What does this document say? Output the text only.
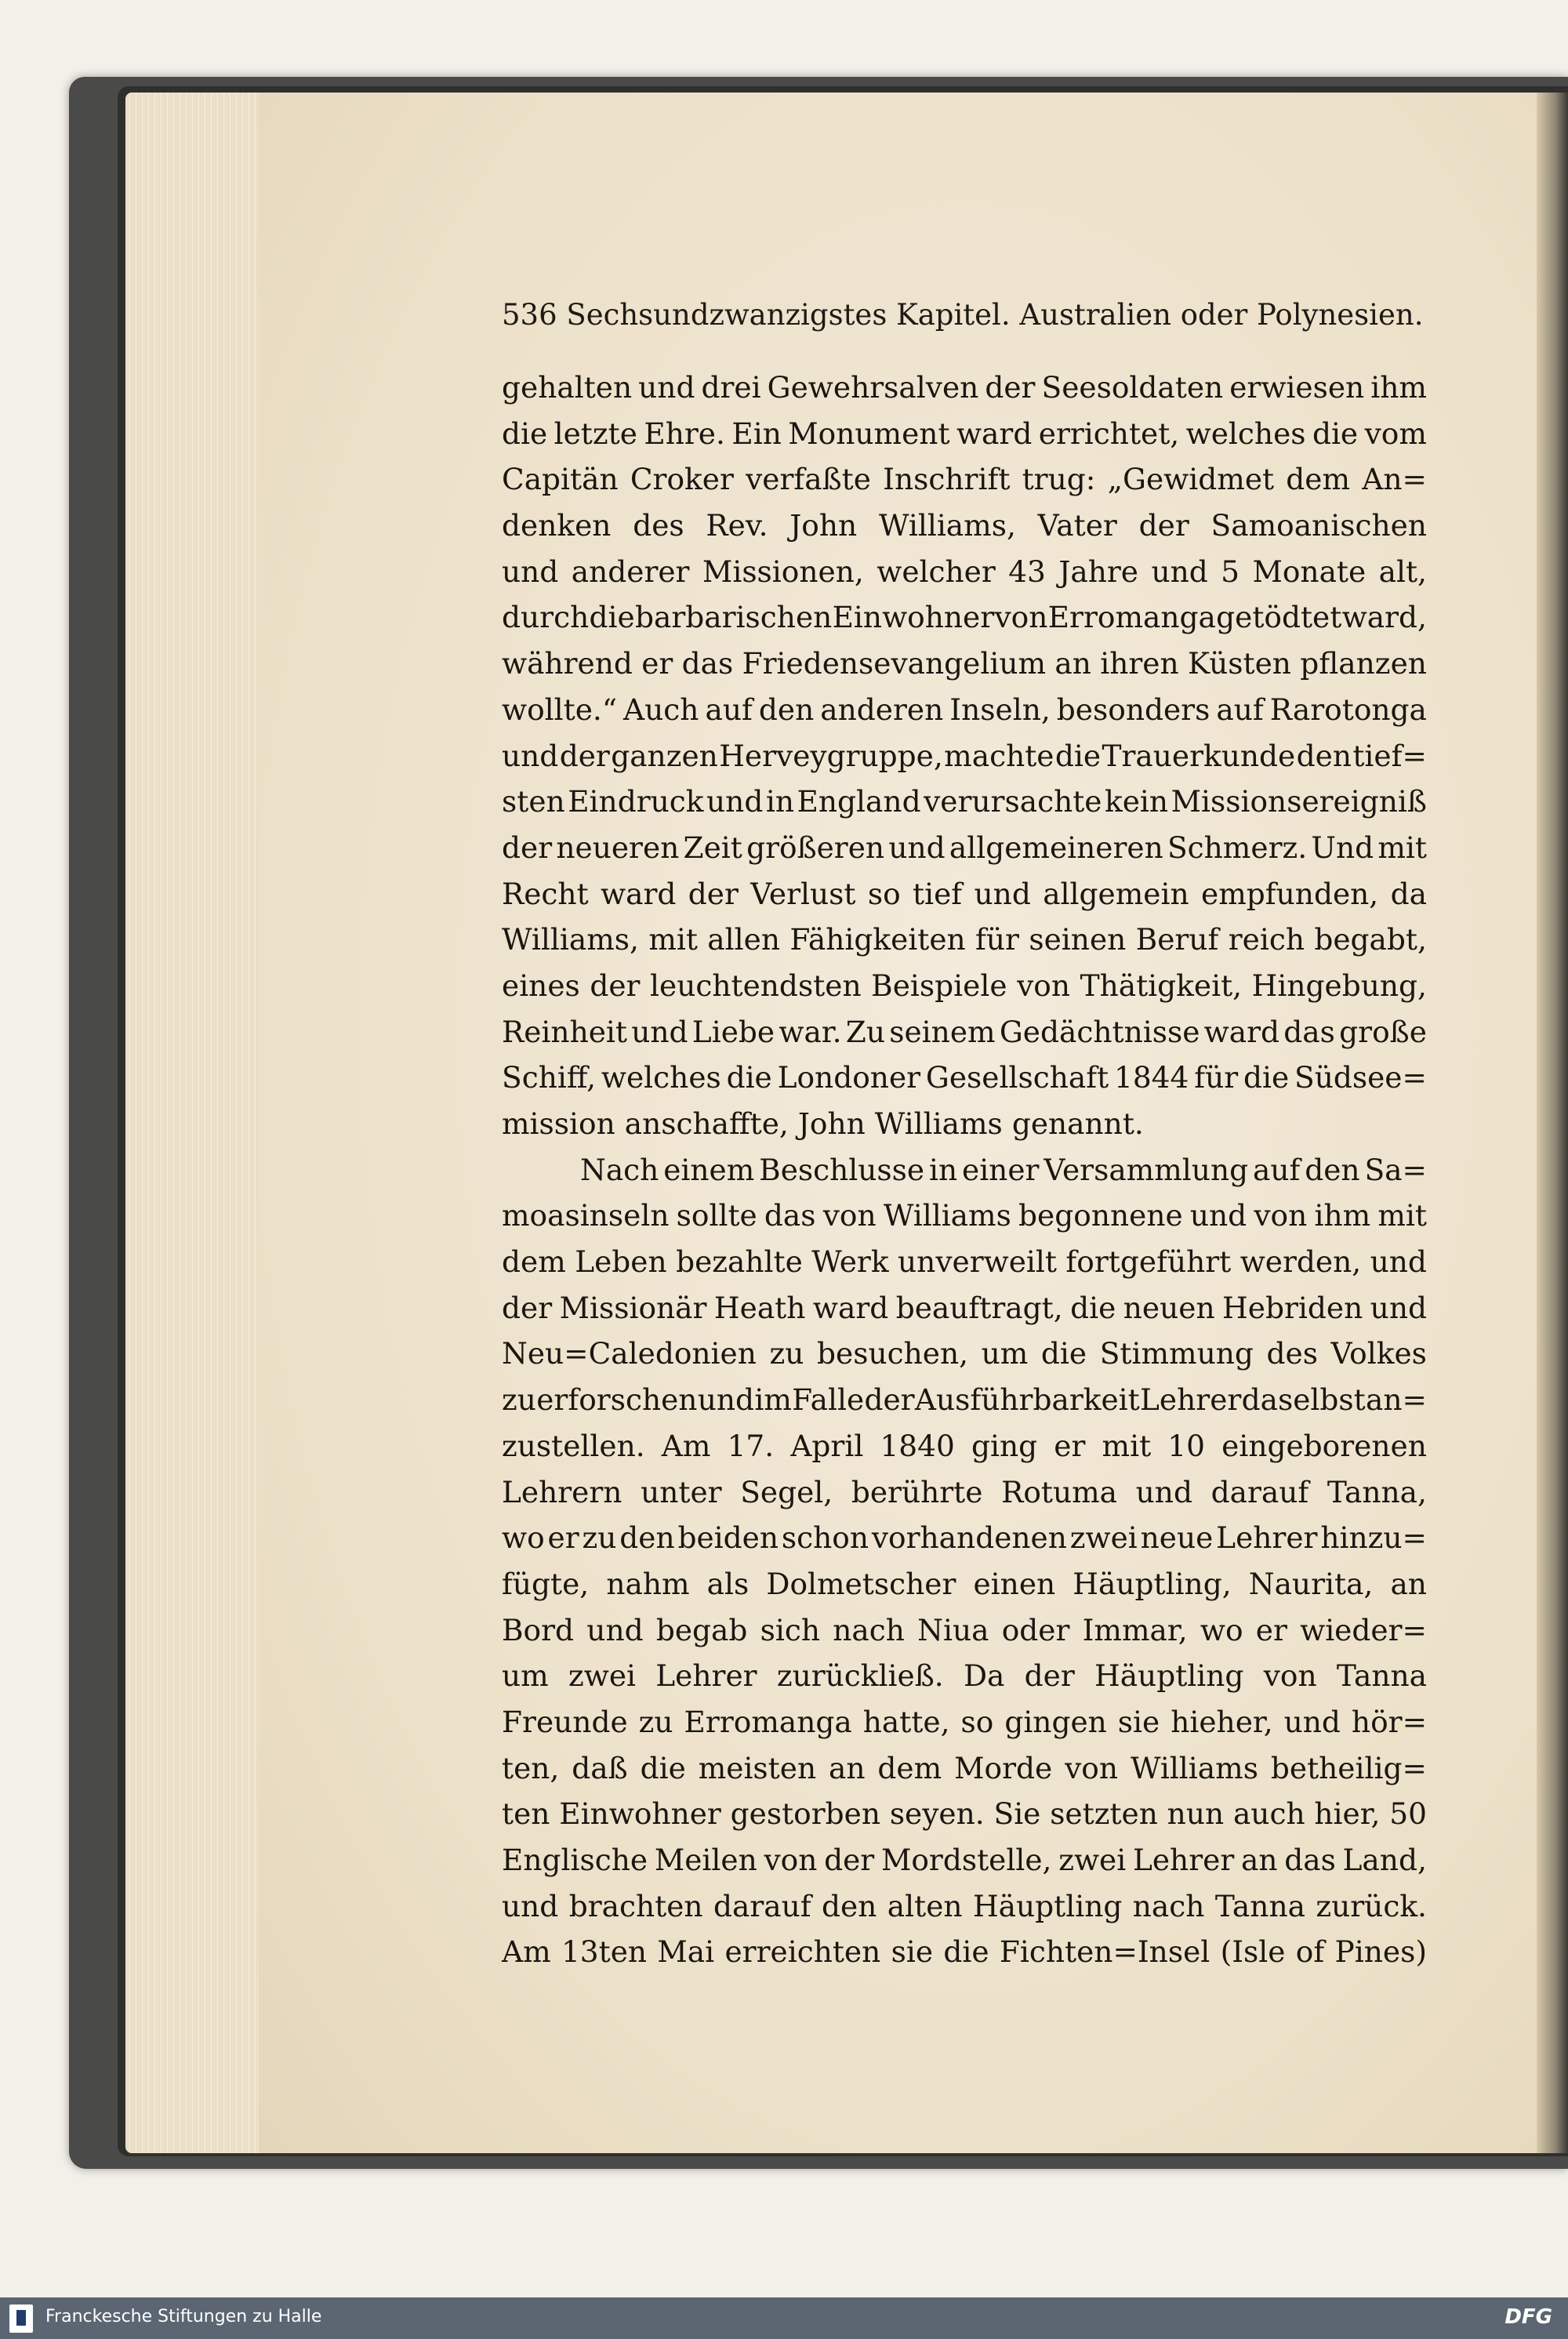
536 Sechsundzwanzigstes Kapitel. Australien oder Polynesien.
gehalten und drei Gewehrsalven der Seesoldaten erwiesen ihm
die letzte Ehre. Ein Monument ward errichtet, welches die vom
Capitän Croker verfaßte Inschrift trug: „Gewidmet dem An=
denken des Rev. John Williams, Vater der Samoanischen
und anderer Missionen, welcher 43 Jahre und 5 Monate alt,
durch die barbarischen Einwohner von Erromanga getödtet ward,
während er das Friedensevangelium an ihren Küsten pflanzen
wollte.“ Auch auf den anderen Inseln, besonders auf Rarotonga
und der ganzen Herveygruppe, machte die Trauerkunde den tief=
sten Eindruck und in England verursachte kein Missionsereigniß
der neueren Zeit größeren und allgemeineren Schmerz. Und mit
Recht ward der Verlust so tief und allgemein empfunden, da
Williams, mit allen Fähigkeiten für seinen Beruf reich begabt,
eines der leuchtendsten Beispiele von Thätigkeit, Hingebung,
Reinheit und Liebe war. Zu seinem Gedächtnisse ward das große
Schiff, welches die Londoner Gesellschaft 1844 für die Südsee=
mission anschaffte, John Williams genannt.
Nach einem Beschlusse in einer Versammlung auf den Sa=
moasinseln sollte das von Williams begonnene und von ihm mit
dem Leben bezahlte Werk unverweilt fortgeführt werden, und
der Missionär Heath ward beauftragt, die neuen Hebriden und
Neu=Caledonien zu besuchen, um die Stimmung des Volkes
zu erforschen und im Falle der Ausführbarkeit Lehrer daselbst an=
zustellen. Am 17. April 1840 ging er mit 10 eingeborenen
Lehrern unter Segel, berührte Rotuma und darauf Tanna,
wo er zu den beiden schon vorhandenen zwei neue Lehrer hinzu=
fügte, nahm als Dolmetscher einen Häuptling, Naurita, an
Bord und begab sich nach Niua oder Immar, wo er wieder=
um zwei Lehrer zurückließ. Da der Häuptling von Tanna
Freunde zu Erromanga hatte, so gingen sie hieher, und hör=
ten, daß die meisten an dem Morde von Williams betheilig=
ten Einwohner gestorben seyen. Sie setzten nun auch hier, 50
Englische Meilen von der Mordstelle, zwei Lehrer an das Land,
und brachten darauf den alten Häuptling nach Tanna zurück.
Am 13ten Mai erreichten sie die Fichten=Insel (Isle of Pines)
Franckesche Stiftungen zu Halle	DFG
